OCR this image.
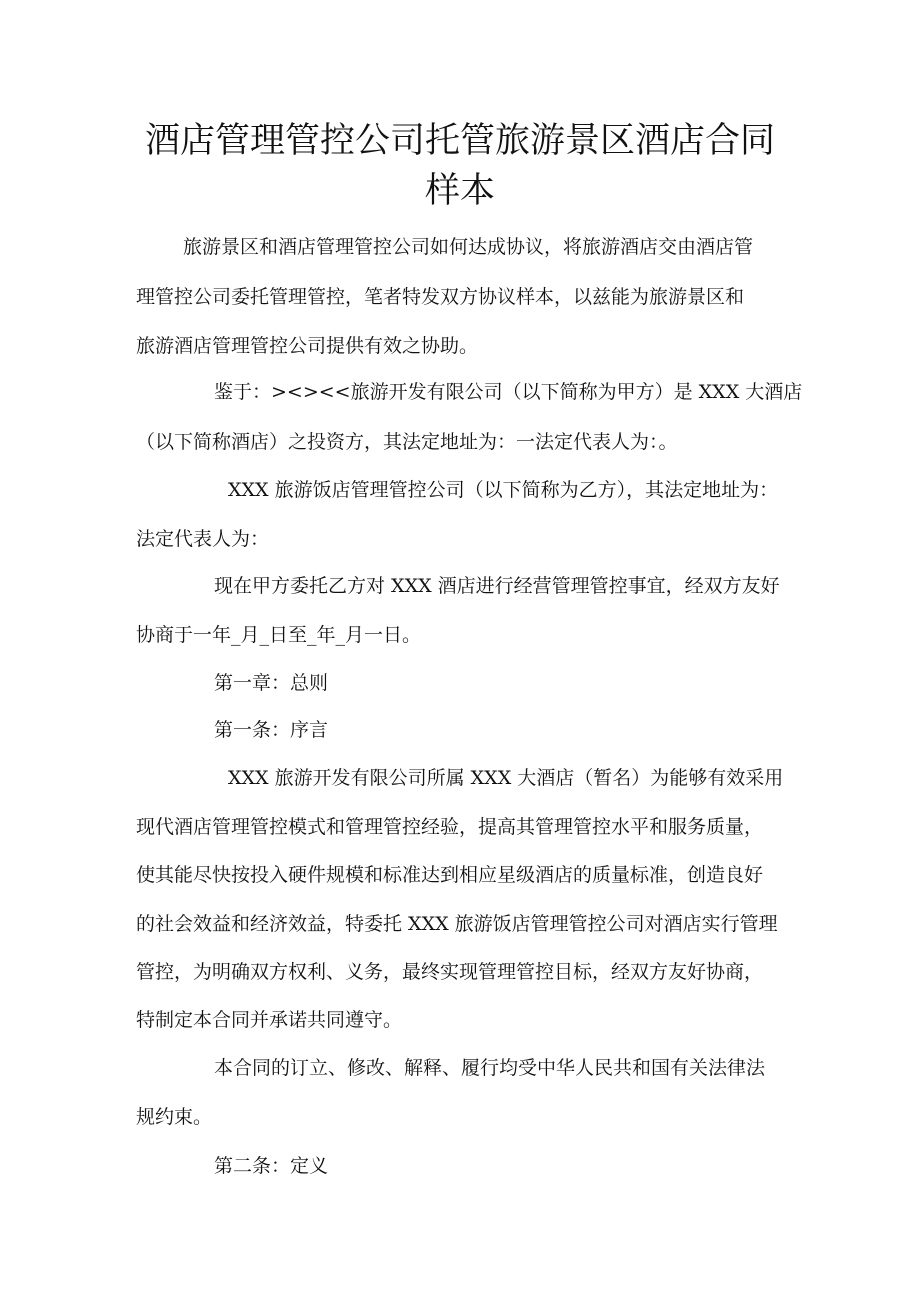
酒店管理管控公司托管旅游景区酒店合同
样本
旅游景区和酒店管理管控公司如何达成协议，将旅游酒店交由酒店管
理管控公司委托管理管控，笔者特发双方协议样本，以兹能为旅游景区和
旅游酒店管理管控公司提供有效之协助。
鉴于：><><<旅游开发有限公司（以下简称为甲方）是 XXX 大酒店
（以下简称酒店）之投资方，其法定地址为：一法定代表人为：。
XXX 旅游饭店管理管控公司（以下简称为乙方），其法定地址为：
法定代表人为：
现在甲方委托乙方对 XXX 酒店进行经营管理管控事宜，经双方友好
协商于一年_月_日至_年_月一日。
第一章：总则
第一条：序言
XXX 旅游开发有限公司所属 XXX 大酒店（暂名）为能够有效采用
现代酒店管理管控模式和管理管控经验，提高其管理管控水平和服务质量，
使其能尽快按投入硬件规模和标准达到相应星级酒店的质量标准，创造良好
的社会效益和经济效益，特委托 XXX 旅游饭店管理管控公司对酒店实行管理
管控，为明确双方权利、义务，最终实现管理管控目标，经双方友好协商，
特制定本合同并承诺共同遵守。
本合同的订立、修改、解释、履行均受中华人民共和国有关法律法
规约束。
第二条：定义
